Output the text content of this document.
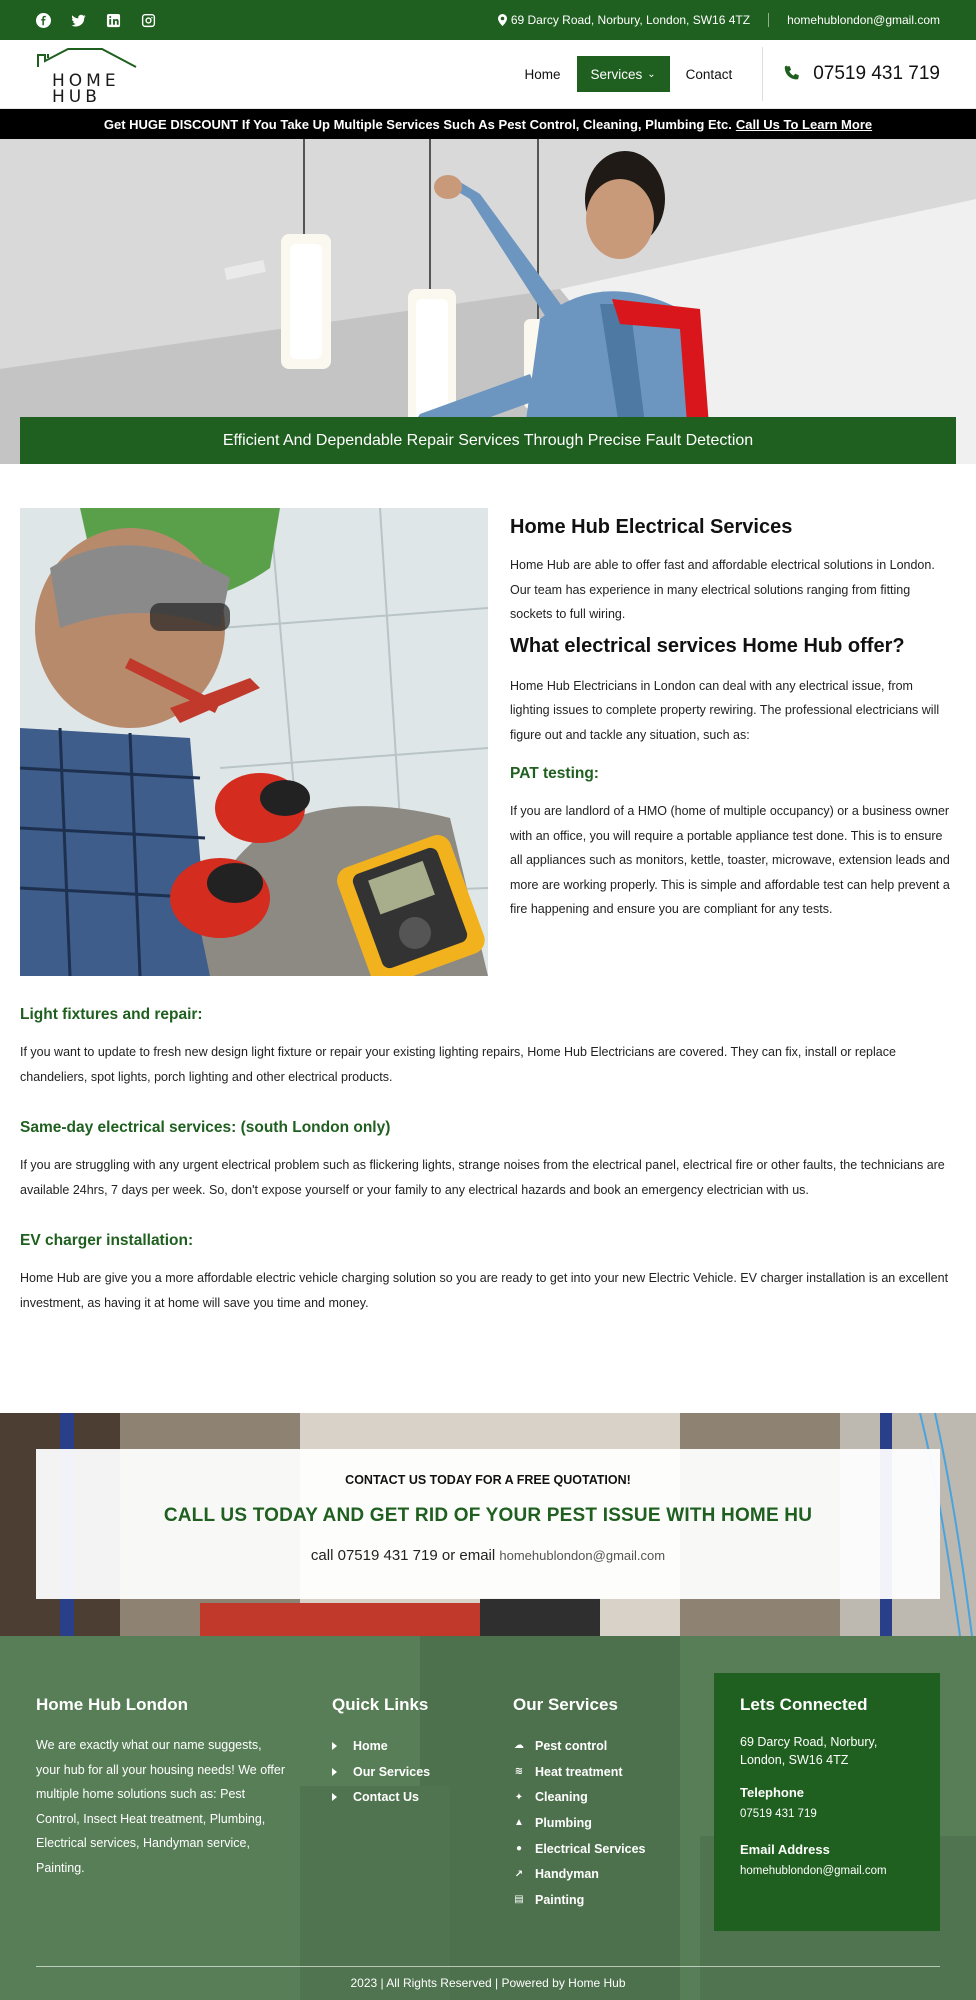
69 Darcy Road, Norbury, London, SW16 4TZ	homehublondon@gmail.com
HOME
HUB
Home	Services ⌄	Contact	07519 431 719
Get HUGE DISCOUNT If You Take Up Multiple Services Such As Pest Control, Cleaning, Plumbing Etc. Call Us To Learn More
Efficient And Dependable Repair Services Through Precise Fault Detection
Home Hub Electrical Services

Home Hub are able to offer fast and affordable electrical solutions in London. Our team has experience in many electrical solutions ranging from fitting sockets to full wiring.

What electrical services Home Hub offer?

Home Hub Electricians in London can deal with any electrical issue, from lighting issues to complete property rewiring. The professional electricians will figure out and tackle any situation, such as:

PAT testing:

If you are landlord of a HMO (home of multiple occupancy) or a business owner with an office, you will require a portable appliance test done. This is to ensure all appliances such as monitors, kettle, toaster, microwave, extension leads and more are working properly. This is simple and affordable test can help prevent a fire happening and ensure you are compliant for any tests.

Light fixtures and repair:

If you want to update to fresh new design light fixture or repair your existing lighting repairs, Home Hub Electricians are covered. They can fix, install or replace chandeliers, spot lights, porch lighting and other electrical products.

Same-day electrical services: (south London only)

If you are struggling with any urgent electrical problem such as flickering lights, strange noises from the electrical panel, electrical fire or other faults, the technicians are available 24hrs, 7 days per week. So, don't expose yourself or your family to any electrical hazards and book an emergency electrician with us.

EV charger installation:

Home Hub are give you a more affordable electric vehicle charging solution so you are ready to get into your new Electric Vehicle. EV charger installation is an excellent investment, as having it at home will save you time and money.

CONTACT US TODAY FOR A FREE QUOTATION!
CALL US TODAY AND GET RID OF YOUR PEST ISSUE WITH HOME HU
call 07519 431 719 or email homehublondon@gmail.com
Home Hub London

We are exactly what our name suggests, your hub for all your housing needs! We offer multiple home solutions such as: Pest Control, Insect Heat treatment, Plumbing, Electrical services, Handyman service, Painting.

Quick Links
Home
Our Services
Contact Us
Our Services
☁ Pest control
≋ Heat treatment
✦ Cleaning
▲ Plumbing
● Electrical Services
↗ Handyman
▤ Painting
Lets Connected
69 Darcy Road, Norbury, London, SW16 4TZ
Telephone
07519 431 719
Email Address
homehublondon@gmail.com
2023 | All Rights Reserved | Powered by Home Hub
